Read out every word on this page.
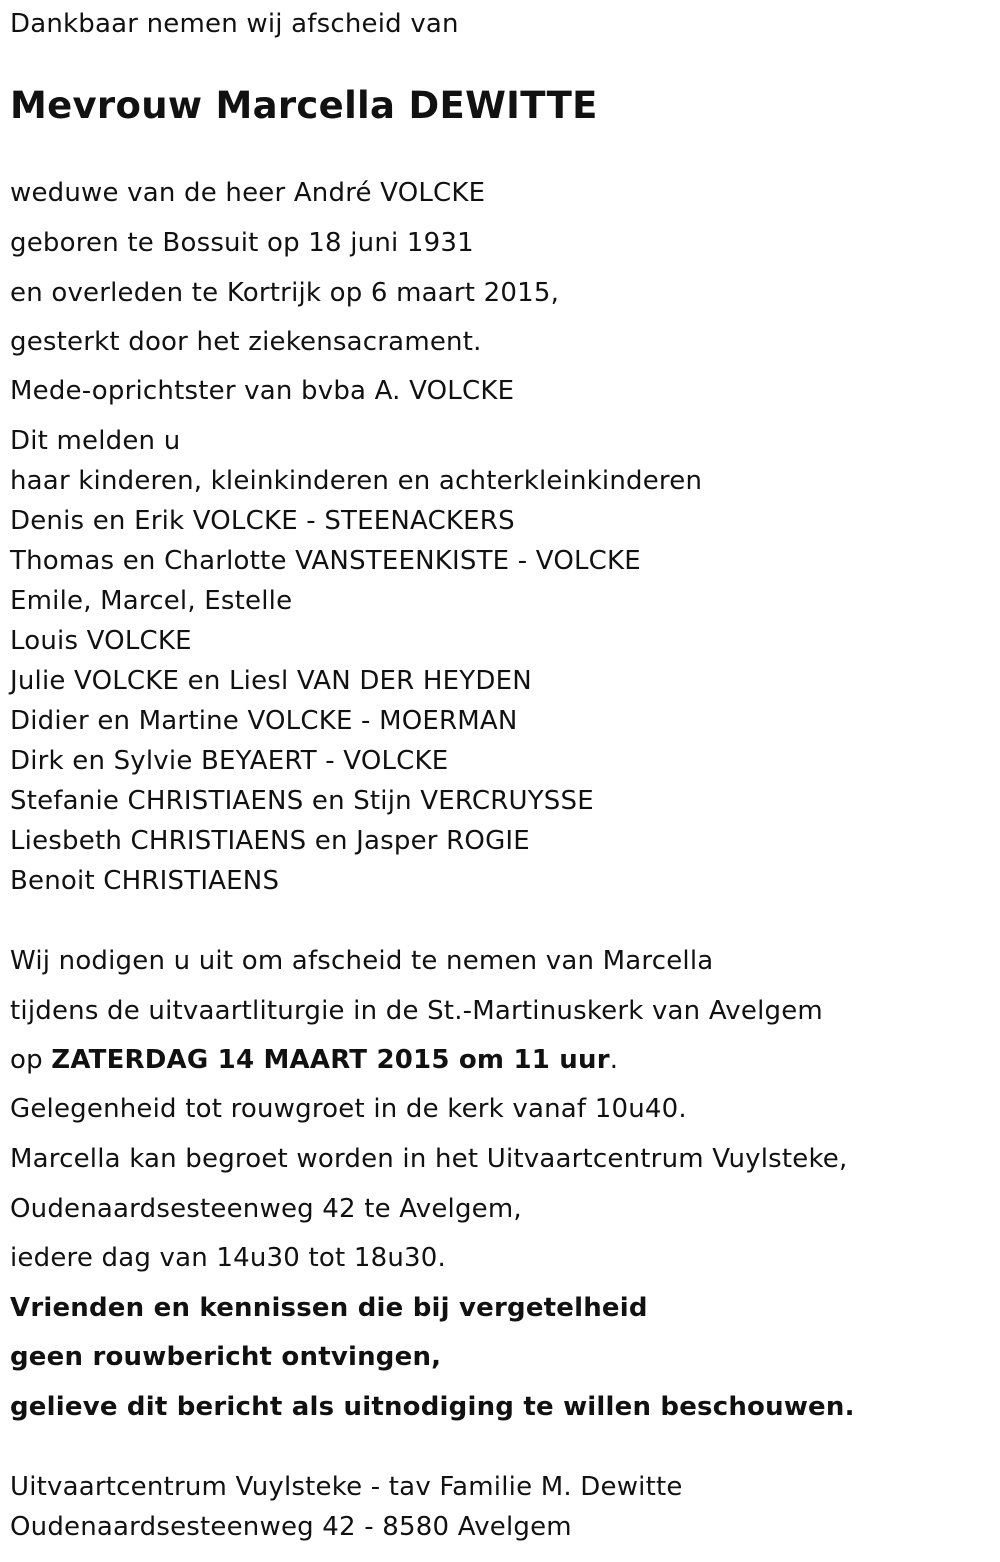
Dankbaar nemen wij afscheid van
Mevrouw Marcella DEWITTE
weduwe van de heer André VOLCKE
geboren te Bossuit op 18 juni 1931
en overleden te Kortrijk op 6 maart 2015,
gesterkt door het ziekensacrament.
Mede-oprichtster van bvba A. VOLCKE
Dit melden u
haar kinderen, kleinkinderen en achterkleinkinderen
Denis en Erik VOLCKE - STEENACKERS
Thomas en Charlotte VANSTEENKISTE - VOLCKE
Emile, Marcel, Estelle
Louis VOLCKE
Julie VOLCKE en Liesl VAN DER HEYDEN
Didier en Martine VOLCKE - MOERMAN
Dirk en Sylvie BEYAERT - VOLCKE
Stefanie CHRISTIAENS en Stijn VERCRUYSSE
Liesbeth CHRISTIAENS en Jasper ROGIE
Benoit CHRISTIAENS
Wij nodigen u uit om afscheid te nemen van Marcella
tijdens de uitvaartliturgie in de St.-Martinuskerk van Avelgem
op ZATERDAG 14 MAART 2015 om 11 uur.
Gelegenheid tot rouwgroet in de kerk vanaf 10u40.
Marcella kan begroet worden in het Uitvaartcentrum Vuylsteke,
Oudenaardsesteenweg 42 te Avelgem,
iedere dag van 14u30 tot 18u30.
Vrienden en kennissen die bij vergetelheid
geen rouwbericht ontvingen,
gelieve dit bericht als uitnodiging te willen beschouwen.
Uitvaartcentrum Vuylsteke - tav Familie M. Dewitte
Oudenaardsesteenweg 42 - 8580 Avelgem
